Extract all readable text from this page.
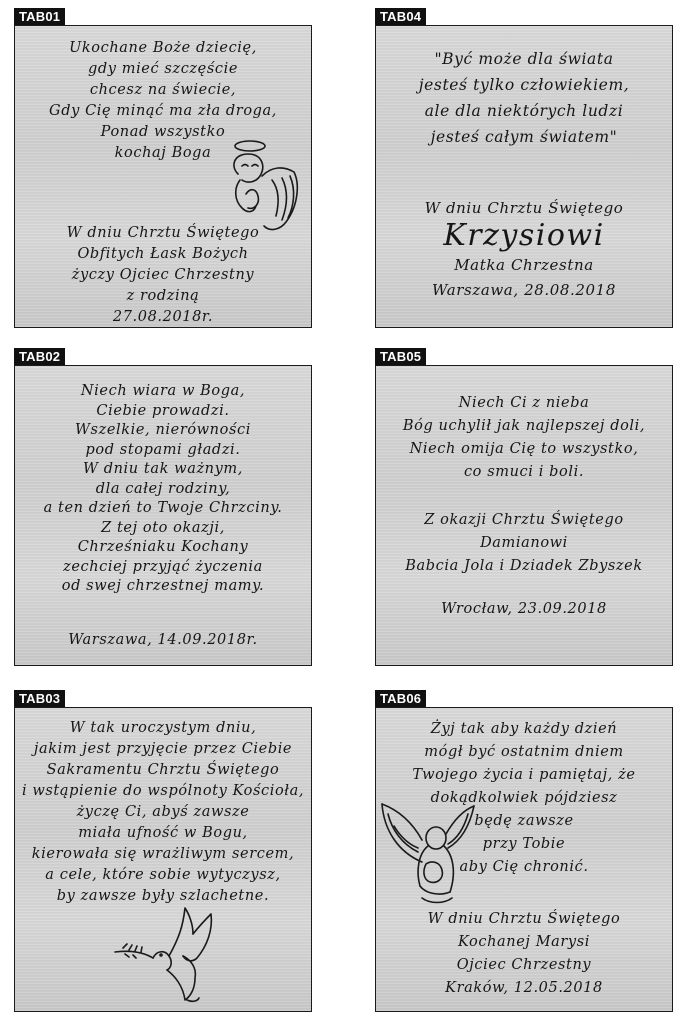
TAB01
Ukochane Boże dziecię,
gdy mieć szczęście
chcesz na świecie,
Gdy Cię minąć ma zła droga,
Ponad wszystko
kochaj Boga
W dniu Chrztu Świętego
Obfitych Łask Bożych
życzy Ojciec Chrzestny
z rodziną
27.08.2018r.
TAB04
"Być może dla świata
jesteś tylko człowiekiem,
ale dla niektórych ludzi
jesteś całym światem"
W dniu Chrztu Świętego
Krzysiowi
Matka Chrzestna
Warszawa, 28.08.2018
TAB02
Niech wiara w Boga,
Ciebie prowadzi.
Wszelkie, nierówności
pod stopami gładzi.
W dniu tak ważnym,
dla całej rodziny,
a ten dzień to Twoje Chrzciny.
Z tej oto okazji,
Chrześniaku Kochany
zechciej przyjąć życzenia
od swej chrzestnej mamy.
Warszawa, 14.09.2018r.
TAB05
Niech Ci z nieba
Bóg uchylił jak najlepszej doli,
Niech omija Cię to wszystko,
co smuci i boli.
Z okazji Chrztu Świętego
Damianowi
Babcia Jola i Dziadek Zbyszek
Wrocław, 23.09.2018
TAB03
W tak uroczystym dniu,
jakim jest przyjęcie przez Ciebie
Sakramentu Chrztu Świętego
i wstąpienie do wspólnoty Kościoła,
życzę Ci, abyś zawsze
miała ufność w Bogu,
kierowała się wrażliwym sercem,
a cele, które sobie wytyczysz,
by zawsze były szlachetne.
TAB06
Żyj tak aby każdy dzień
mógł być ostatnim dniem
Twojego życia i pamiętaj, że
dokądkolwiek pójdziesz
będę zawsze
przy Tobie
aby Cię chronić.
W dniu Chrztu Świętego
Kochanej Marysi
Ojciec Chrzestny
Kraków, 12.05.2018
